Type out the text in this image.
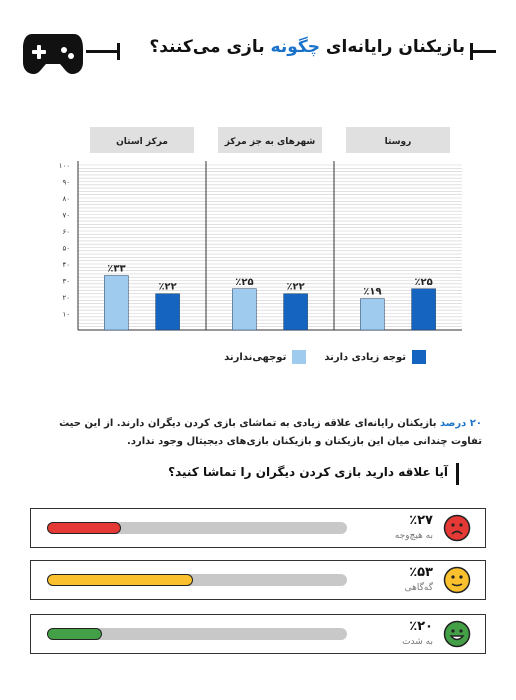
بازیکنان رایانه‌ای چگونه بازی می‌کنند؟
مرکز استان	شهرهای به جز مرکز	روستا
۱۰
۲۰
۳۰
۴۰
۵۰
۶۰
۷۰
۸۰
۹۰
۱۰۰
٪۳۳
٪۲۲	٪۲۵	٪۲۲	٪۱۹
٪۲۵
توجه زیادی دارند
توجهی‌ندارند
۲۰ درصد بازیکنان رایانه‌ای علاقه زیادی به تماشای بازی کردن دیگران دارند. از این حیث تفاوت چندانی میان این بازیکنان و بازیکنان بازی‌های دیجیتال وجود ندارد.
آیا علاقه دارید بازی کردن دیگران را تماشا کنید؟
٪۲۷
به هیچ‌وجه
٪۵۳
گه‌گاهی
٪۲۰
به شدت
